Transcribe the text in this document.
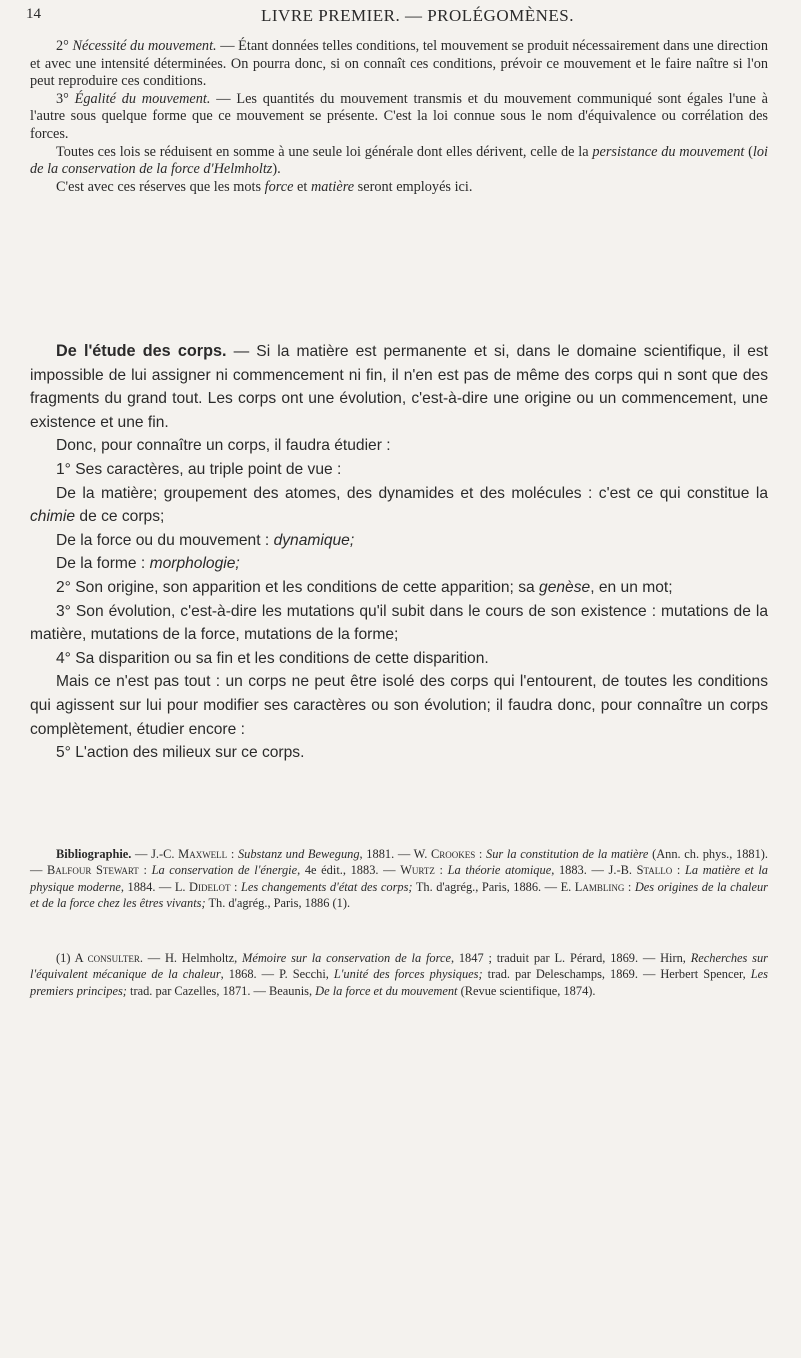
14	LIVRE PREMIER. — PROLÉGOMÈNES.

2° Nécessité du mouvement. — Étant données telles conditions, tel mouvement se produit nécessairement dans une direction et avec une intensité déterminées. On pourra donc, si on connaît ces conditions, prévoir ce mouvement et le faire naître si l'on peut reproduire ces conditions.

3° Égalité du mouvement. — Les quantités du mouvement transmis et du mouvement communiqué sont égales l'une à l'autre sous quelque forme que ce mouvement se présente. C'est la loi connue sous le nom d'équivalence ou corrélation des forces.

Toutes ces lois se réduisent en somme à une seule loi générale dont elles dérivent, celle de la persistance du mouvement (loi de la conservation de la force d'Helmholtz).

C'est avec ces réserves que les mots force et matière seront employés ici.

De l'étude des corps. — Si la matière est permanente et si, dans le domaine scientifique, il est impossible de lui assigner ni commencement ni fin, il n'en est pas de même des corps qui n sont que des fragments du grand tout. Les corps ont une évolution, c'est-à-dire une origine ou un commencement, une existence et une fin.

Donc, pour connaître un corps, il faudra étudier :

1° Ses caractères, au triple point de vue :

De la matière; groupement des atomes, des dynamides et des molécules : c'est ce qui constitue la chimie de ce corps;

De la force ou du mouvement : dynamique;

De la forme : morphologie;

2° Son origine, son apparition et les conditions de cette apparition; sa genèse, en un mot;

3° Son évolution, c'est-à-dire les mutations qu'il subit dans le cours de son existence : mutations de la matière, mutations de la force, mutations de la forme;

4° Sa disparition ou sa fin et les conditions de cette disparition.

Mais ce n'est pas tout : un corps ne peut être isolé des corps qui l'entourent, de toutes les conditions qui agissent sur lui pour modifier ses caractères ou son évolution; il faudra donc, pour connaître un corps complètement, étudier encore :

5° L'action des milieux sur ce corps.

Bibliographie. — J.-C. Maxwell : Substanz und Bewegung, 1881. — W. Crookes : Sur la constitution de la matière (Ann. ch. phys., 1881). — Balfour Stewart : La conservation de l'énergie, 4e édit., 1883. — Wurtz : La théorie atomique, 1883. — J.-B. Stallo : La matière et la physique moderne, 1884. — L. Didelot : Les changements d'état des corps; Th. d'agrég., Paris, 1886. — E. Lambling : Des origines de la chaleur et de la force chez les êtres vivants; Th. d'agrég., Paris, 1886 (1).

(1) A consulter. — H. Helmholtz, Mémoire sur la conservation de la force, 1847 ; traduit par L. Pérard, 1869. — Hirn, Recherches sur l'équivalent mécanique de la chaleur, 1868. — P. Secchi, L'unité des forces physiques; trad. par Deleschamps, 1869. — Herbert Spencer, Les premiers principes; trad. par Cazelles, 1871. — Beaunis, De la force et du mouvement (Revue scientifique, 1874).
